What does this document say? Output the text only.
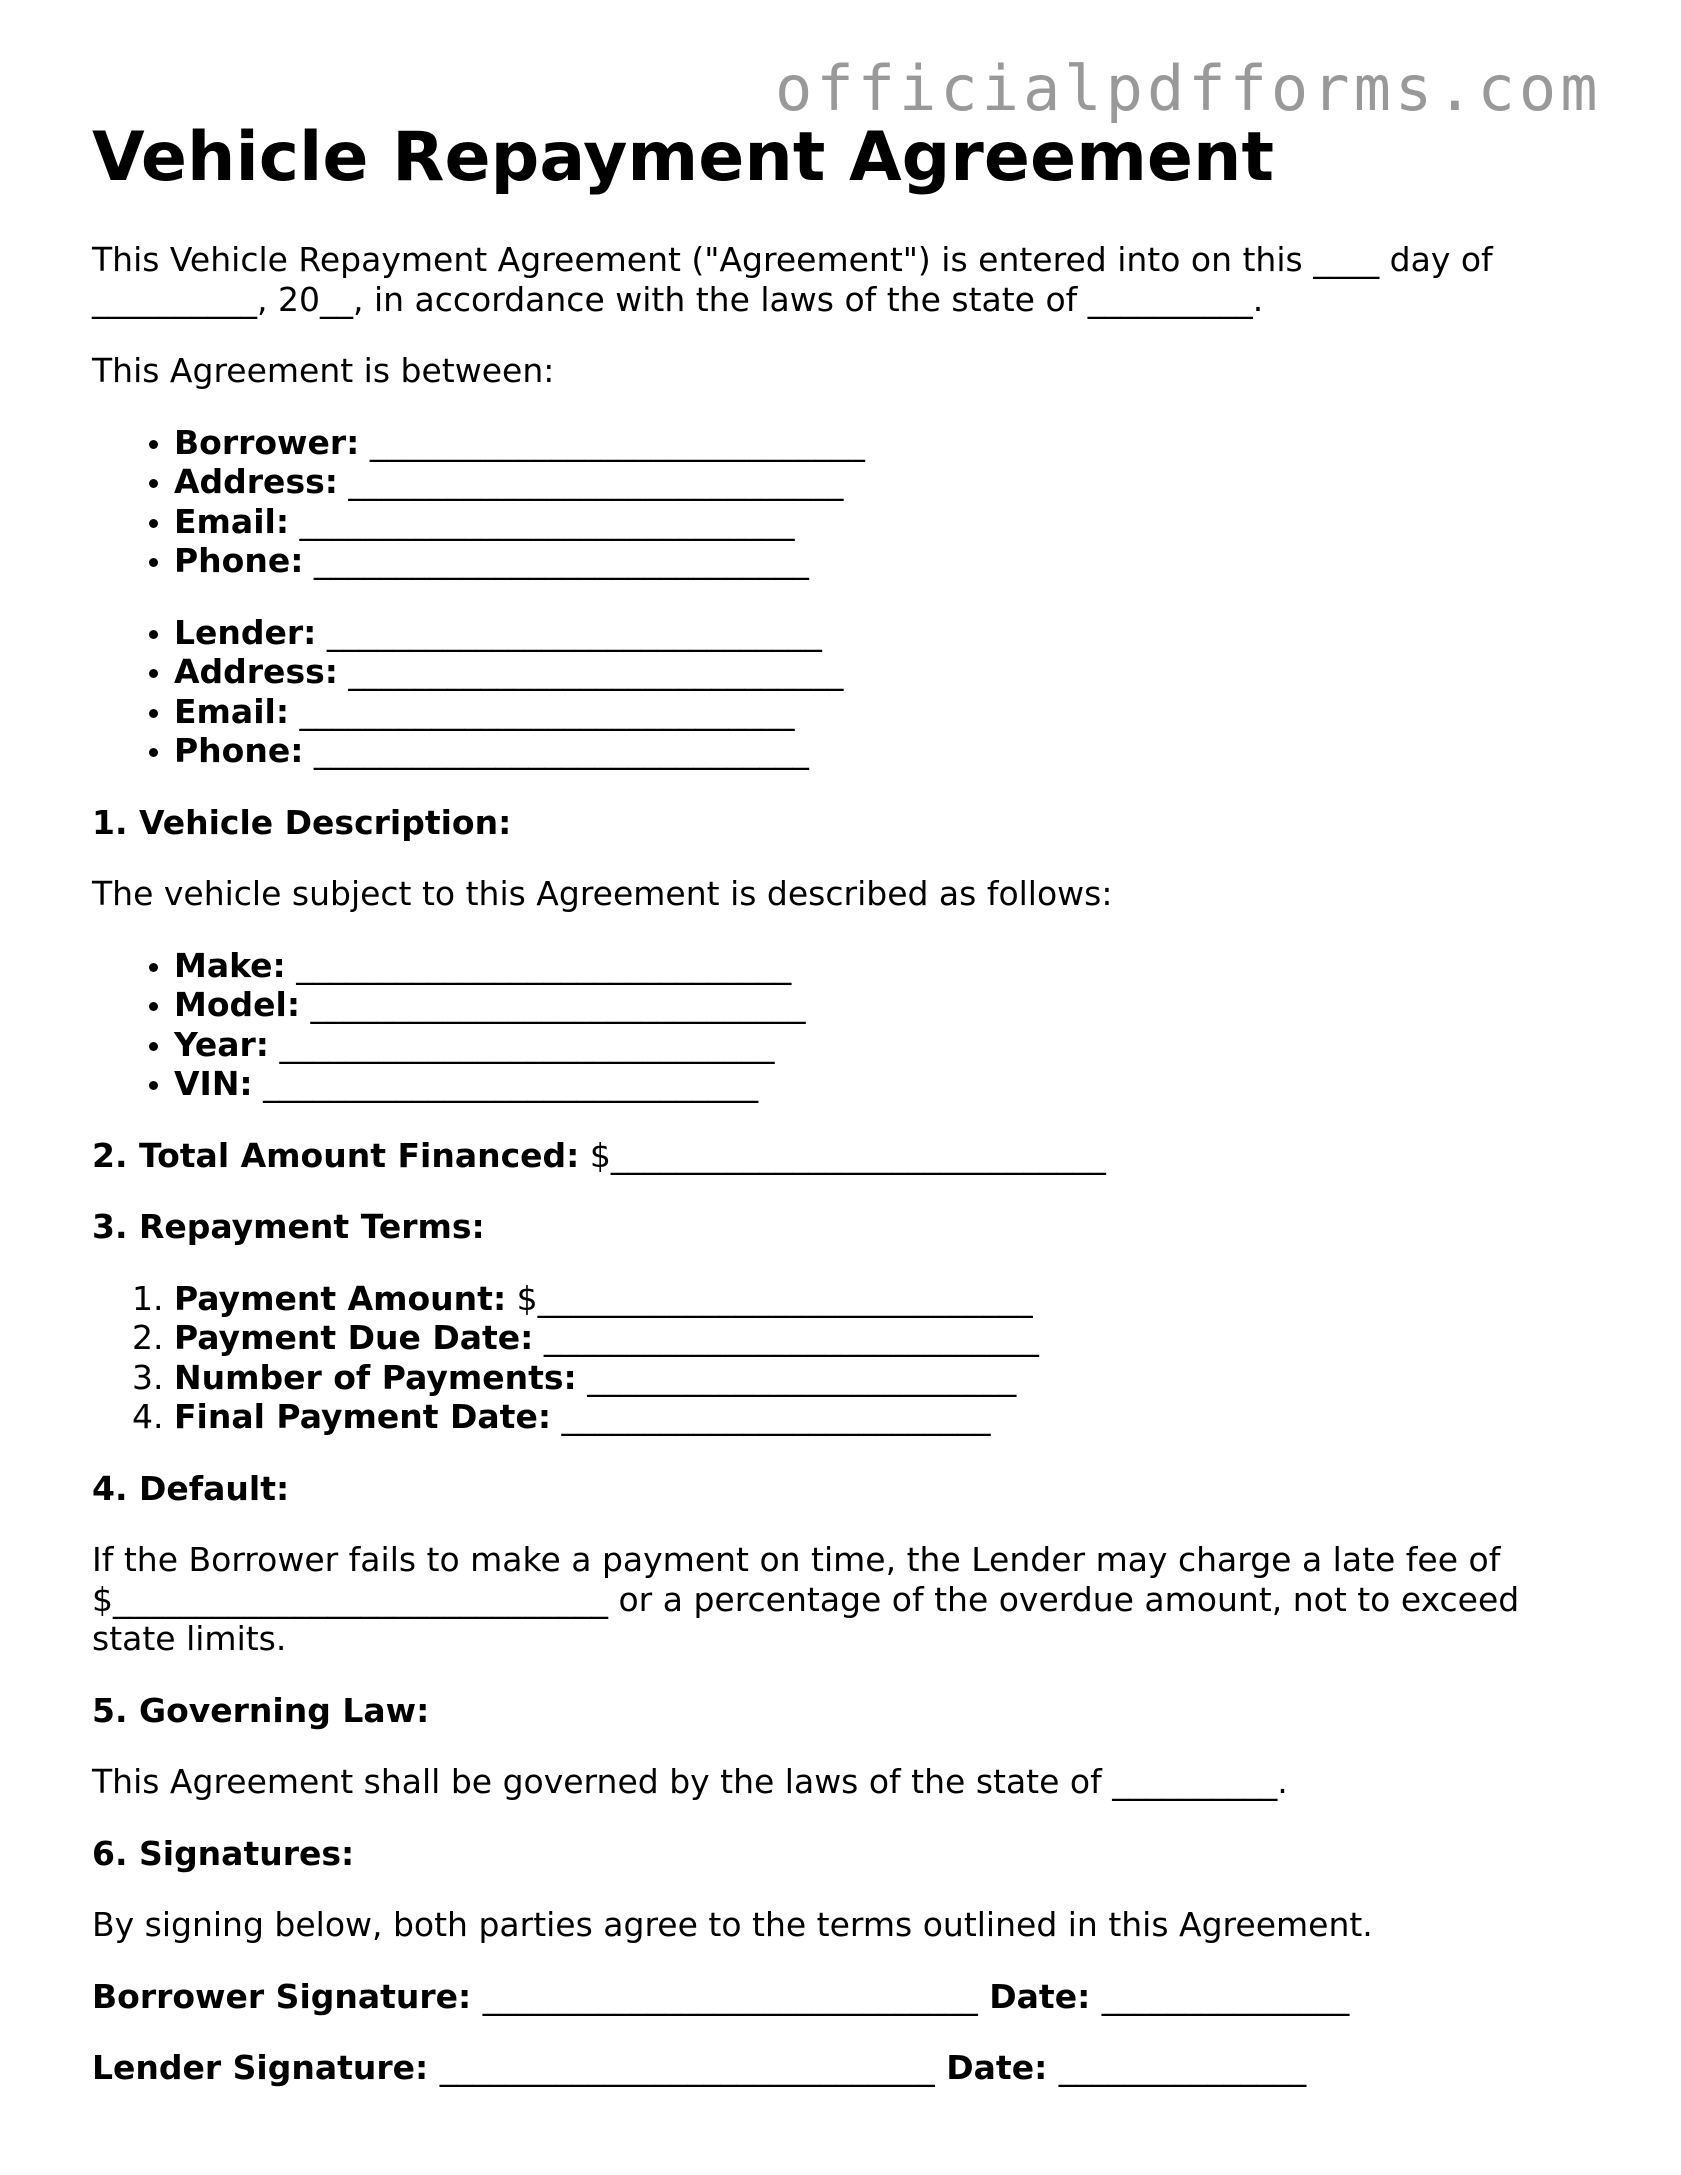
officialpdfforms.com
Vehicle Repayment Agreement

This Vehicle Repayment Agreement ("Agreement") is entered into on this ____ day of __________, 20__, in accordance with the laws of the state of __________.

This Agreement is between:

• Borrower: ______________________________
• Address: ______________________________
• Email: ______________________________
• Phone: ______________________________
• Lender: ______________________________
• Address: ______________________________
• Email: ______________________________
• Phone: ______________________________
1. Vehicle Description:

The vehicle subject to this Agreement is described as follows:

• Make: ______________________________
• Model: ______________________________
• Year: ______________________________
• VIN: ______________________________

2. Total Amount Financed: $______________________________

3. Repayment Terms:
1. Payment Amount: $______________________________
2. Payment Due Date: ______________________________
3. Number of Payments: __________________________
4. Final Payment Date: __________________________
4. Default:

If the Borrower fails to make a payment on time, the Lender may charge a late fee of $______________________________ or a percentage of the overdue amount, not to exceed state limits.

5. Governing Law:

This Agreement shall be governed by the laws of the state of __________.

6. Signatures:

By signing below, both parties agree to the terms outlined in this Agreement.

Borrower Signature: ______________________________ Date: _______________

Lender Signature: ______________________________ Date: _______________
